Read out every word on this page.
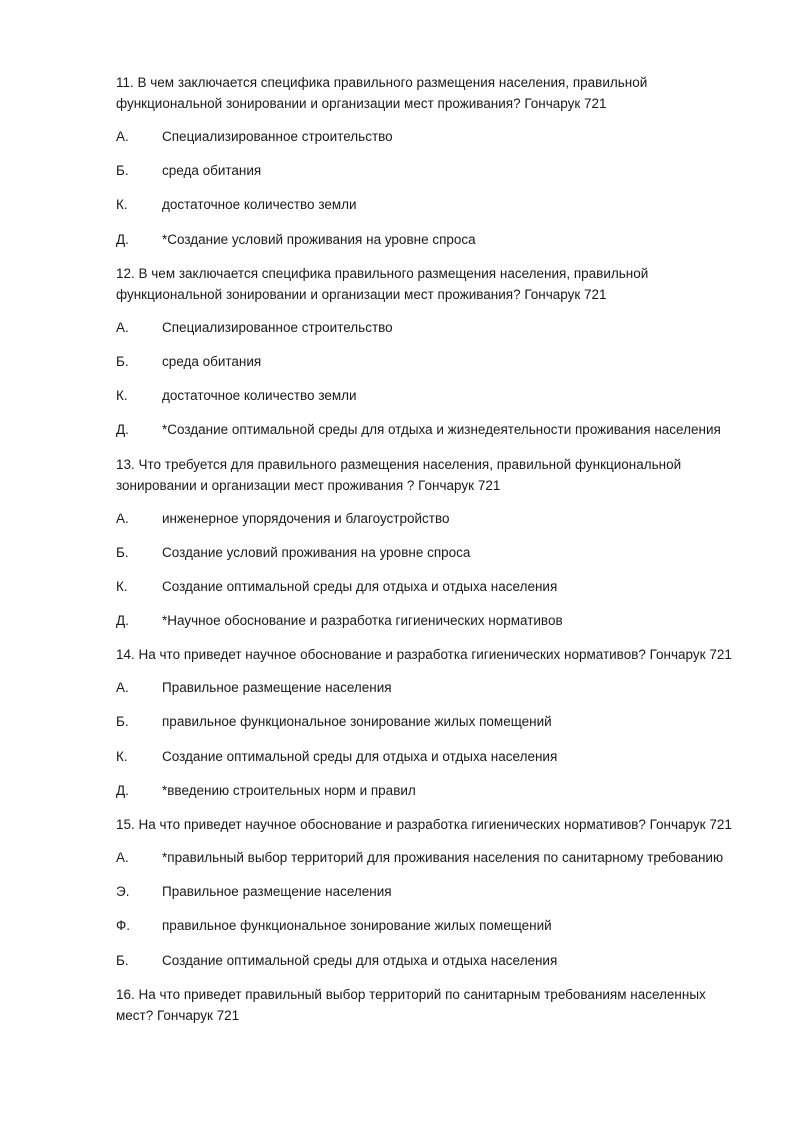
11. В чем заключается специфика правильного размещения населения, правильной функциональной зонировании и организации мест проживания? Гончарук 721

А.	Специализированное строительство
Б.	среда обитания
К.	достаточное количество земли
Д.	*Создание условий проживания на уровне спроса

12. В чем заключается специфика правильного размещения населения, правильной функциональной зонировании и организации мест проживания? Гончарук 721

А.	Специализированное строительство
Б.	среда обитания
К.	достаточное количество земли
Д.	*Создание оптимальной среды для отдыха и жизнедеятельности проживания населения

13. Что требуется для правильного размещения населения, правильной функциональной зонировании и организации мест проживания ? Гончарук 721

А.	инженерное упорядочения и благоустройство
Б.	Создание условий проживания на уровне спроса
К.	Создание оптимальной среды для отдыха и отдыха населения
Д.	*Научное обоснование и разработка гигиенических нормативов

14. На что приведет научное обоснование и разработка гигиенических нормативов? Гончарук 721

А.	Правильное размещение населения
Б.	правильное функциональное зонирование жилых помещений
К.	Создание оптимальной среды для отдыха и отдыха населения
Д.	*введению строительных норм и правил

15. На что приведет научное обоснование и разработка гигиенических нормативов? Гончарук 721

А.	*правильный выбор территорий для проживания населения по санитарному требованию
Э.	Правильное размещение населения
Ф.	правильное функциональное зонирование жилых помещений
Б.	Создание оптимальной среды для отдыха и отдыха населения

16. На что приведет правильный выбор территорий по санитарным требованиям населенных мест? Гончарук 721
